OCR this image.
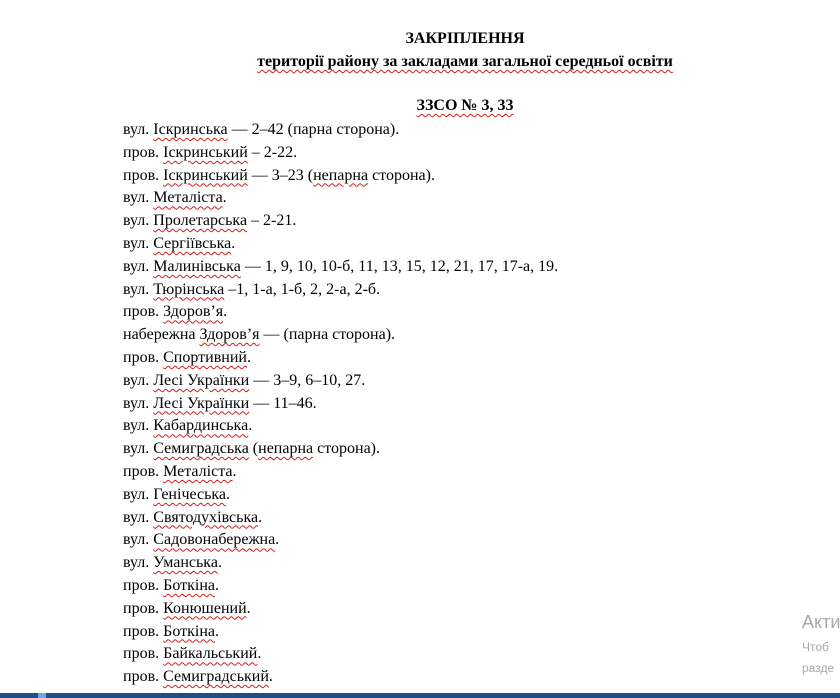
ЗАКРІПЛЕННЯ
території району за закладами загальної середньої освіти
ЗЗСО № 3, 33
вул. Іскринська — 2–42 (парна сторона).
пров. Іскринський – 2-22.
пров. Іскринський — 3–23 (непарна сторона).
вул. Металіста.
вул. Пролетарська – 2-21.
вул. Сергіївська.
вул. Малинівська — 1, 9, 10, 10-б, 11, 13, 15, 12, 21, 17, 17-а, 19.
вул. Тюрінська –1, 1-а, 1-б, 2, 2-а, 2-б.
пров. Здоров’я.
набережна Здоров’я — (парна сторона).
пров. Спортивний.
вул. Лесі Українки — 3–9, 6–10, 27.
вул. Лесі Українки — 11–46.
вул. Кабардинська.
вул. Семиградська (непарна сторона).
пров. Металіста.
вул. Генічеська.
вул. Святодухівська.
вул. Садовонабережна.
вул. Уманська.
пров. Боткіна.
пров. Конюшений.
пров. Боткіна.
пров. Байкальський.
пров. Семиградський.
Акти
Чтоб
разде
